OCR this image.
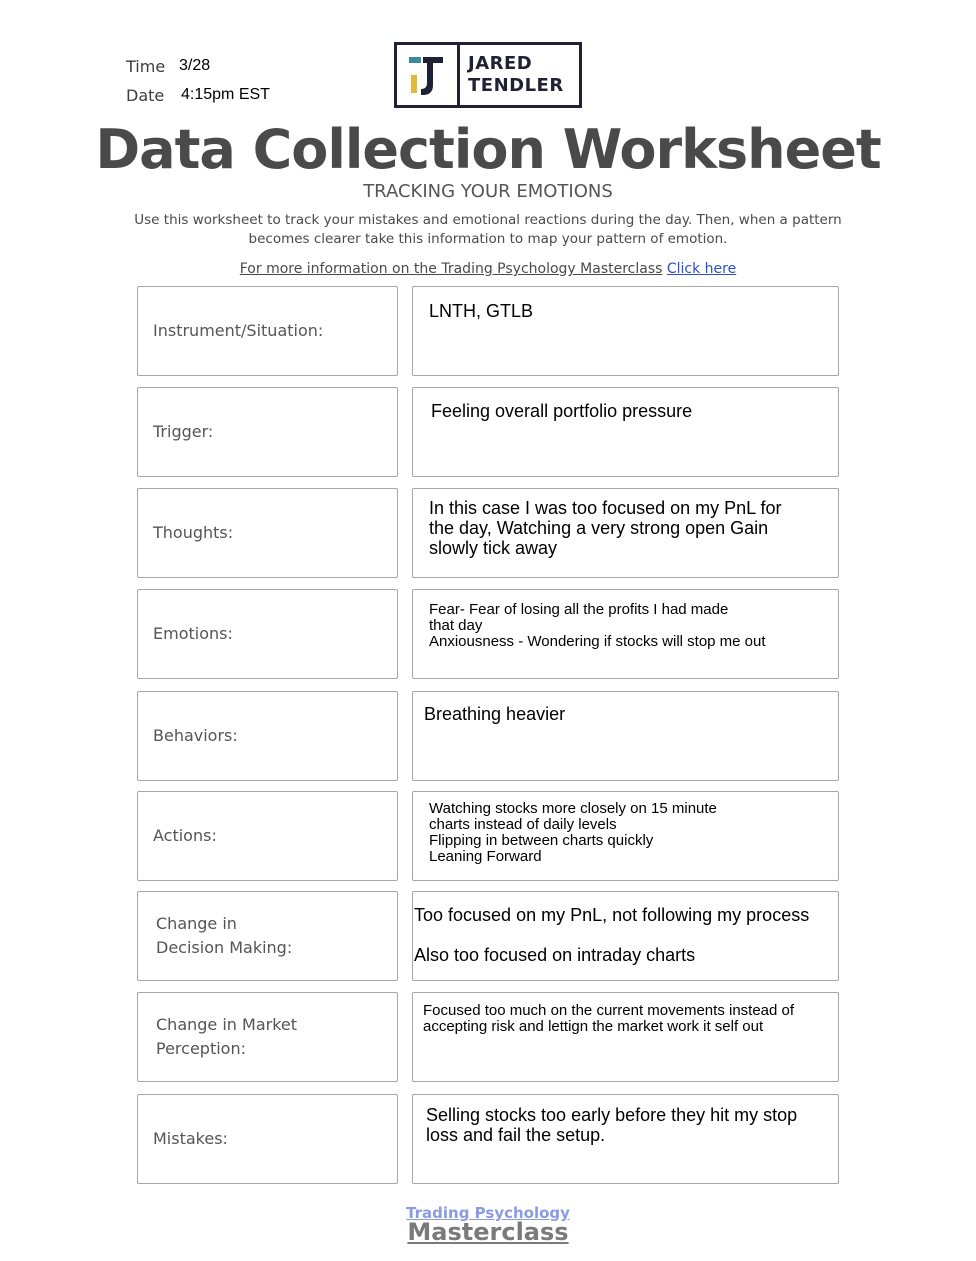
Time 3/28
Date 4:15pm EST
JARED
TENDLER
Data Collection Worksheet
TRACKING YOUR EMOTIONS
Use this worksheet to track your mistakes and emotional reactions during the day. Then, when a pattern becomes clearer take this information to map your pattern of emotion.
For more information on the Trading Psychology Masterclass Click here
Instrument/Situation:
LNTH, GTLB
Trigger:
Feeling overall portfolio pressure
Thoughts:
In this case I was too focused on my PnL for
the day, Watching a very strong open Gain
slowly tick away
Emotions:
Fear- Fear of losing all the profits I had made
that day
Anxiousness - Wondering if stocks will stop me out
Behaviors:
Breathing heavier
Actions:
Watching stocks more closely on 15 minute
charts instead of daily levels
Flipping in between charts quickly
Leaning Forward
Change in
Decision Making:
Too focused on my PnL, not following my process

Also too focused on intraday charts
Change in Market
Perception:
Focused too much on the current movements instead of
accepting risk and lettign the market work it self out
Mistakes:
Selling stocks too early before they hit my stop
loss and fail the setup.
Trading Psychology
Masterclass
